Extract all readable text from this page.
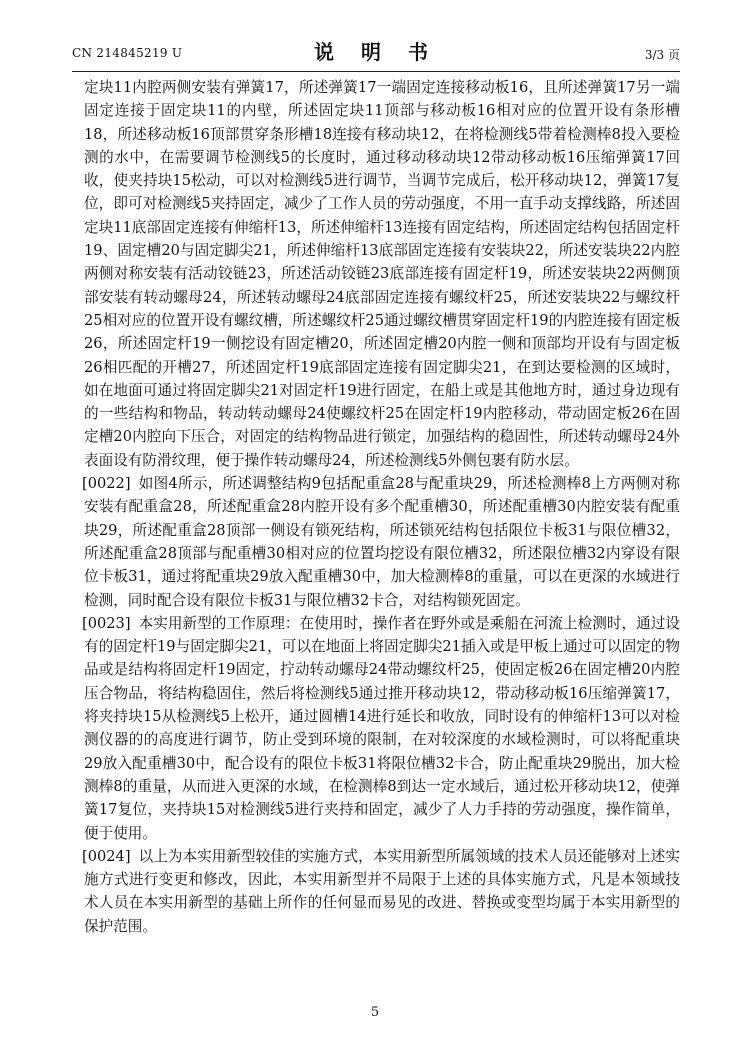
CN 214845219 U	说 明 书	3/3 页

定块11内腔两侧安装有弹簧17，所述弹簧17一端固定连接移动板16，且所述弹簧17另一端固定连接于固定块11的内壁，所述固定块11顶部与移动板16相对应的位置开设有条形槽18，所述移动板16顶部贯穿条形槽18连接有移动块12，在将检测线5带着检测棒8投入要检测的水中，在需要调节检测线5的长度时，通过移动移动块12带动移动板16压缩弹簧17回收，使夹持块15松动，可以对检测线5进行调节，当调节完成后，松开移动块12，弹簧17复位，即可对检测线5夹持固定，减少了工作人员的劳动强度，不用一直手动支撑线路，所述固定块11底部固定连接有伸缩杆13，所述伸缩杆13连接有固定结构，所述固定结构包括固定杆19、固定槽20与固定脚尖21，所述伸缩杆13底部固定连接有安装块22，所述安装块22内腔两侧对称安装有活动铰链23，所述活动铰链23底部连接有固定杆19，所述安装块22两侧顶部安装有转动螺母24，所述转动螺母24底部固定连接有螺纹杆25，所述安装块22与螺纹杆25相对应的位置开设有螺纹槽，所述螺纹杆25通过螺纹槽贯穿固定杆19的内腔连接有固定板26，所述固定杆19一侧挖设有固定槽20，所述固定槽20内腔一侧和顶部均开设有与固定板26相匹配的开槽27，所述固定杆19底部固定连接有固定脚尖21，在到达要检测的区域时，如在地面可通过将固定脚尖21对固定杆19进行固定，在船上或是其他地方时，通过身边现有的一些结构和物品，转动转动螺母24使螺纹杆25在固定杆19内腔移动，带动固定板26在固定槽20内腔向下压合，对固定的结构物品进行锁定，加强结构的稳固性，所述转动螺母24外表面设有防滑纹理，便于操作转动螺母24，所述检测线5外侧包裹有防水层。

[0022] 如图4所示，所述调整结构9包括配重盒28与配重块29，所述检测棒8上方两侧对称安装有配重盒28，所述配重盒28内腔开设有多个配重槽30，所述配重槽30内腔安装有配重块29，所述配重盒28顶部一侧设有锁死结构，所述锁死结构包括限位卡板31与限位槽32，所述配重盒28顶部与配重槽30相对应的位置均挖设有限位槽32，所述限位槽32内穿设有限位卡板31，通过将配重块29放入配重槽30中，加大检测棒8的重量，可以在更深的水域进行检测，同时配合设有限位卡板31与限位槽32卡合，对结构锁死固定。

[0023] 本实用新型的工作原理：在使用时，操作者在野外或是乘船在河流上检测时，通过设有的固定杆19与固定脚尖21，可以在地面上将固定脚尖21插入或是甲板上通过可以固定的物品或是结构将固定杆19固定，拧动转动螺母24带动螺纹杆25，使固定板26在固定槽20内腔压合物品，将结构稳固住，然后将检测线5通过推开移动块12，带动移动板16压缩弹簧17，将夹持块15从检测线5上松开，通过圆槽14进行延长和收放，同时设有的伸缩杆13可以对检测仪器的的高度进行调节，防止受到环境的限制，在对较深度的水域检测时，可以将配重块29放入配重槽30中，配合设有的限位卡板31将限位槽32卡合，防止配重块29脱出，加大检测棒8的重量，从而进入更深的水域，在检测棒8到达一定水域后，通过松开移动块12，使弹簧17复位，夹持块15对检测线5进行夹持和固定，减少了人力手持的劳动强度，操作简单，便于使用。

[0024] 以上为本实用新型较佳的实施方式，本实用新型所属领域的技术人员还能够对上述实施方式进行变更和修改，因此，本实用新型并不局限于上述的具体实施方式，凡是本领域技术人员在本实用新型的基础上所作的任何显而易见的改进、替换或变型均属于本实用新型的保护范围。

5
